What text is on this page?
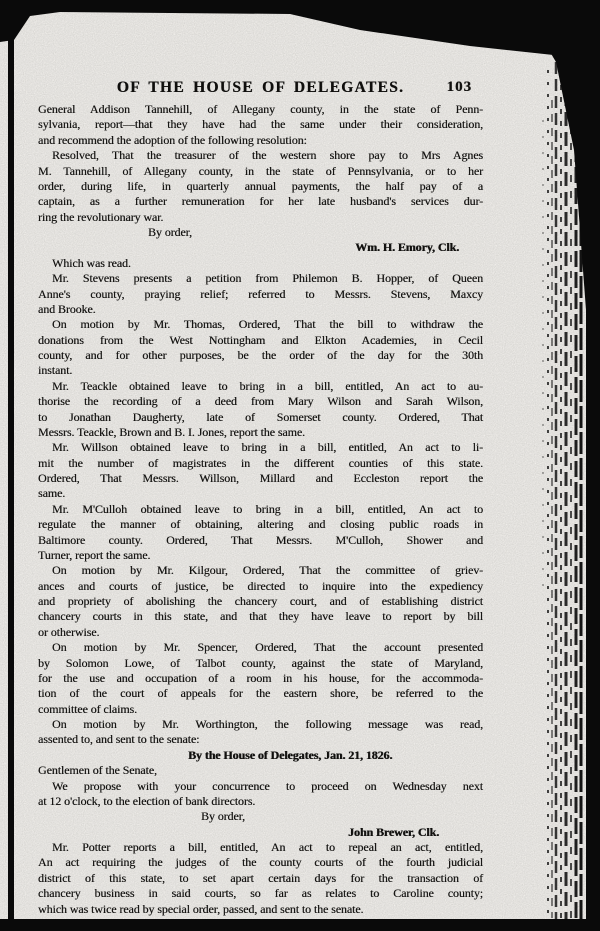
OF THE HOUSE OF DELEGATES.	103
General Addison Tannehill, of Allegany county, in the state of Penn-
sylvania, report—that they have had the same under their consideration,
and recommend the adoption of the following resolution:
Resolved, That the treasurer of the western shore pay to Mrs Agnes
M. Tannehill, of Allegany county, in the state of Pennsylvania, or to her
order, during life, in quarterly annual payments, the half pay of a
captain, as a further remuneration for her late husband's services dur-
ring the revolutionary war.
By order,
Wm. H. Emory, Clk.
Which was read.
Mr. Stevens presents a petition from Philemon B. Hopper, of Queen
Anne's county, praying relief; referred to Messrs. Stevens, Maxcy
and Brooke.
On motion by Mr. Thomas, Ordered, That the bill to withdraw the
donations from the West Nottingham and Elkton Academies, in Cecil
county, and for other purposes, be the order of the day for the 30th
instant.
Mr. Teackle obtained leave to bring in a bill, entitled, An act to au-
thorise the recording of a deed from Mary Wilson and Sarah Wilson,
to Jonathan Daugherty, late of Somerset county. Ordered, That
Messrs. Teackle, Brown and B. I. Jones, report the same.
Mr. Willson obtained leave to bring in a bill, entitled, An act to li-
mit the number of magistrates in the different counties of this state.
Ordered, That Messrs. Willson, Millard and Eccleston report the
same.
Mr. M'Culloh obtained leave to bring in a bill, entitled, An act to
regulate the manner of obtaining, altering and closing public roads in
Baltimore county. Ordered, That Messrs. M'Culloh, Shower and
Turner, report the same.
On motion by Mr. Kilgour, Ordered, That the committee of griev-
ances and courts of justice, be directed to inquire into the expediency
and propriety of abolishing the chancery court, and of establishing district
chancery courts in this state, and that they have leave to report by bill
or otherwise.
On motion by Mr. Spencer, Ordered, That the account presented
by Solomon Lowe, of Talbot county, against the state of Maryland,
for the use and occupation of a room in his house, for the accommoda-
tion of the court of appeals for the eastern shore, be referred to the
committee of claims.
On motion by Mr. Worthington, the following message was read,
assented to, and sent to the senate:
By the House of Delegates, Jan. 21, 1826.
Gentlemen of the Senate,
We propose with your concurrence to proceed on Wednesday next
at 12 o'clock, to the election of bank directors.
By order,
John Brewer, Clk.
Mr. Potter reports a bill, entitled, An act to repeal an act, entitled,
An act requiring the judges of the county courts of the fourth judicial
district of this state, to set apart certain days for the transaction of
chancery business in said courts, so far as relates to Caroline county;
which was twice read by special order, passed, and sent to the senate.
